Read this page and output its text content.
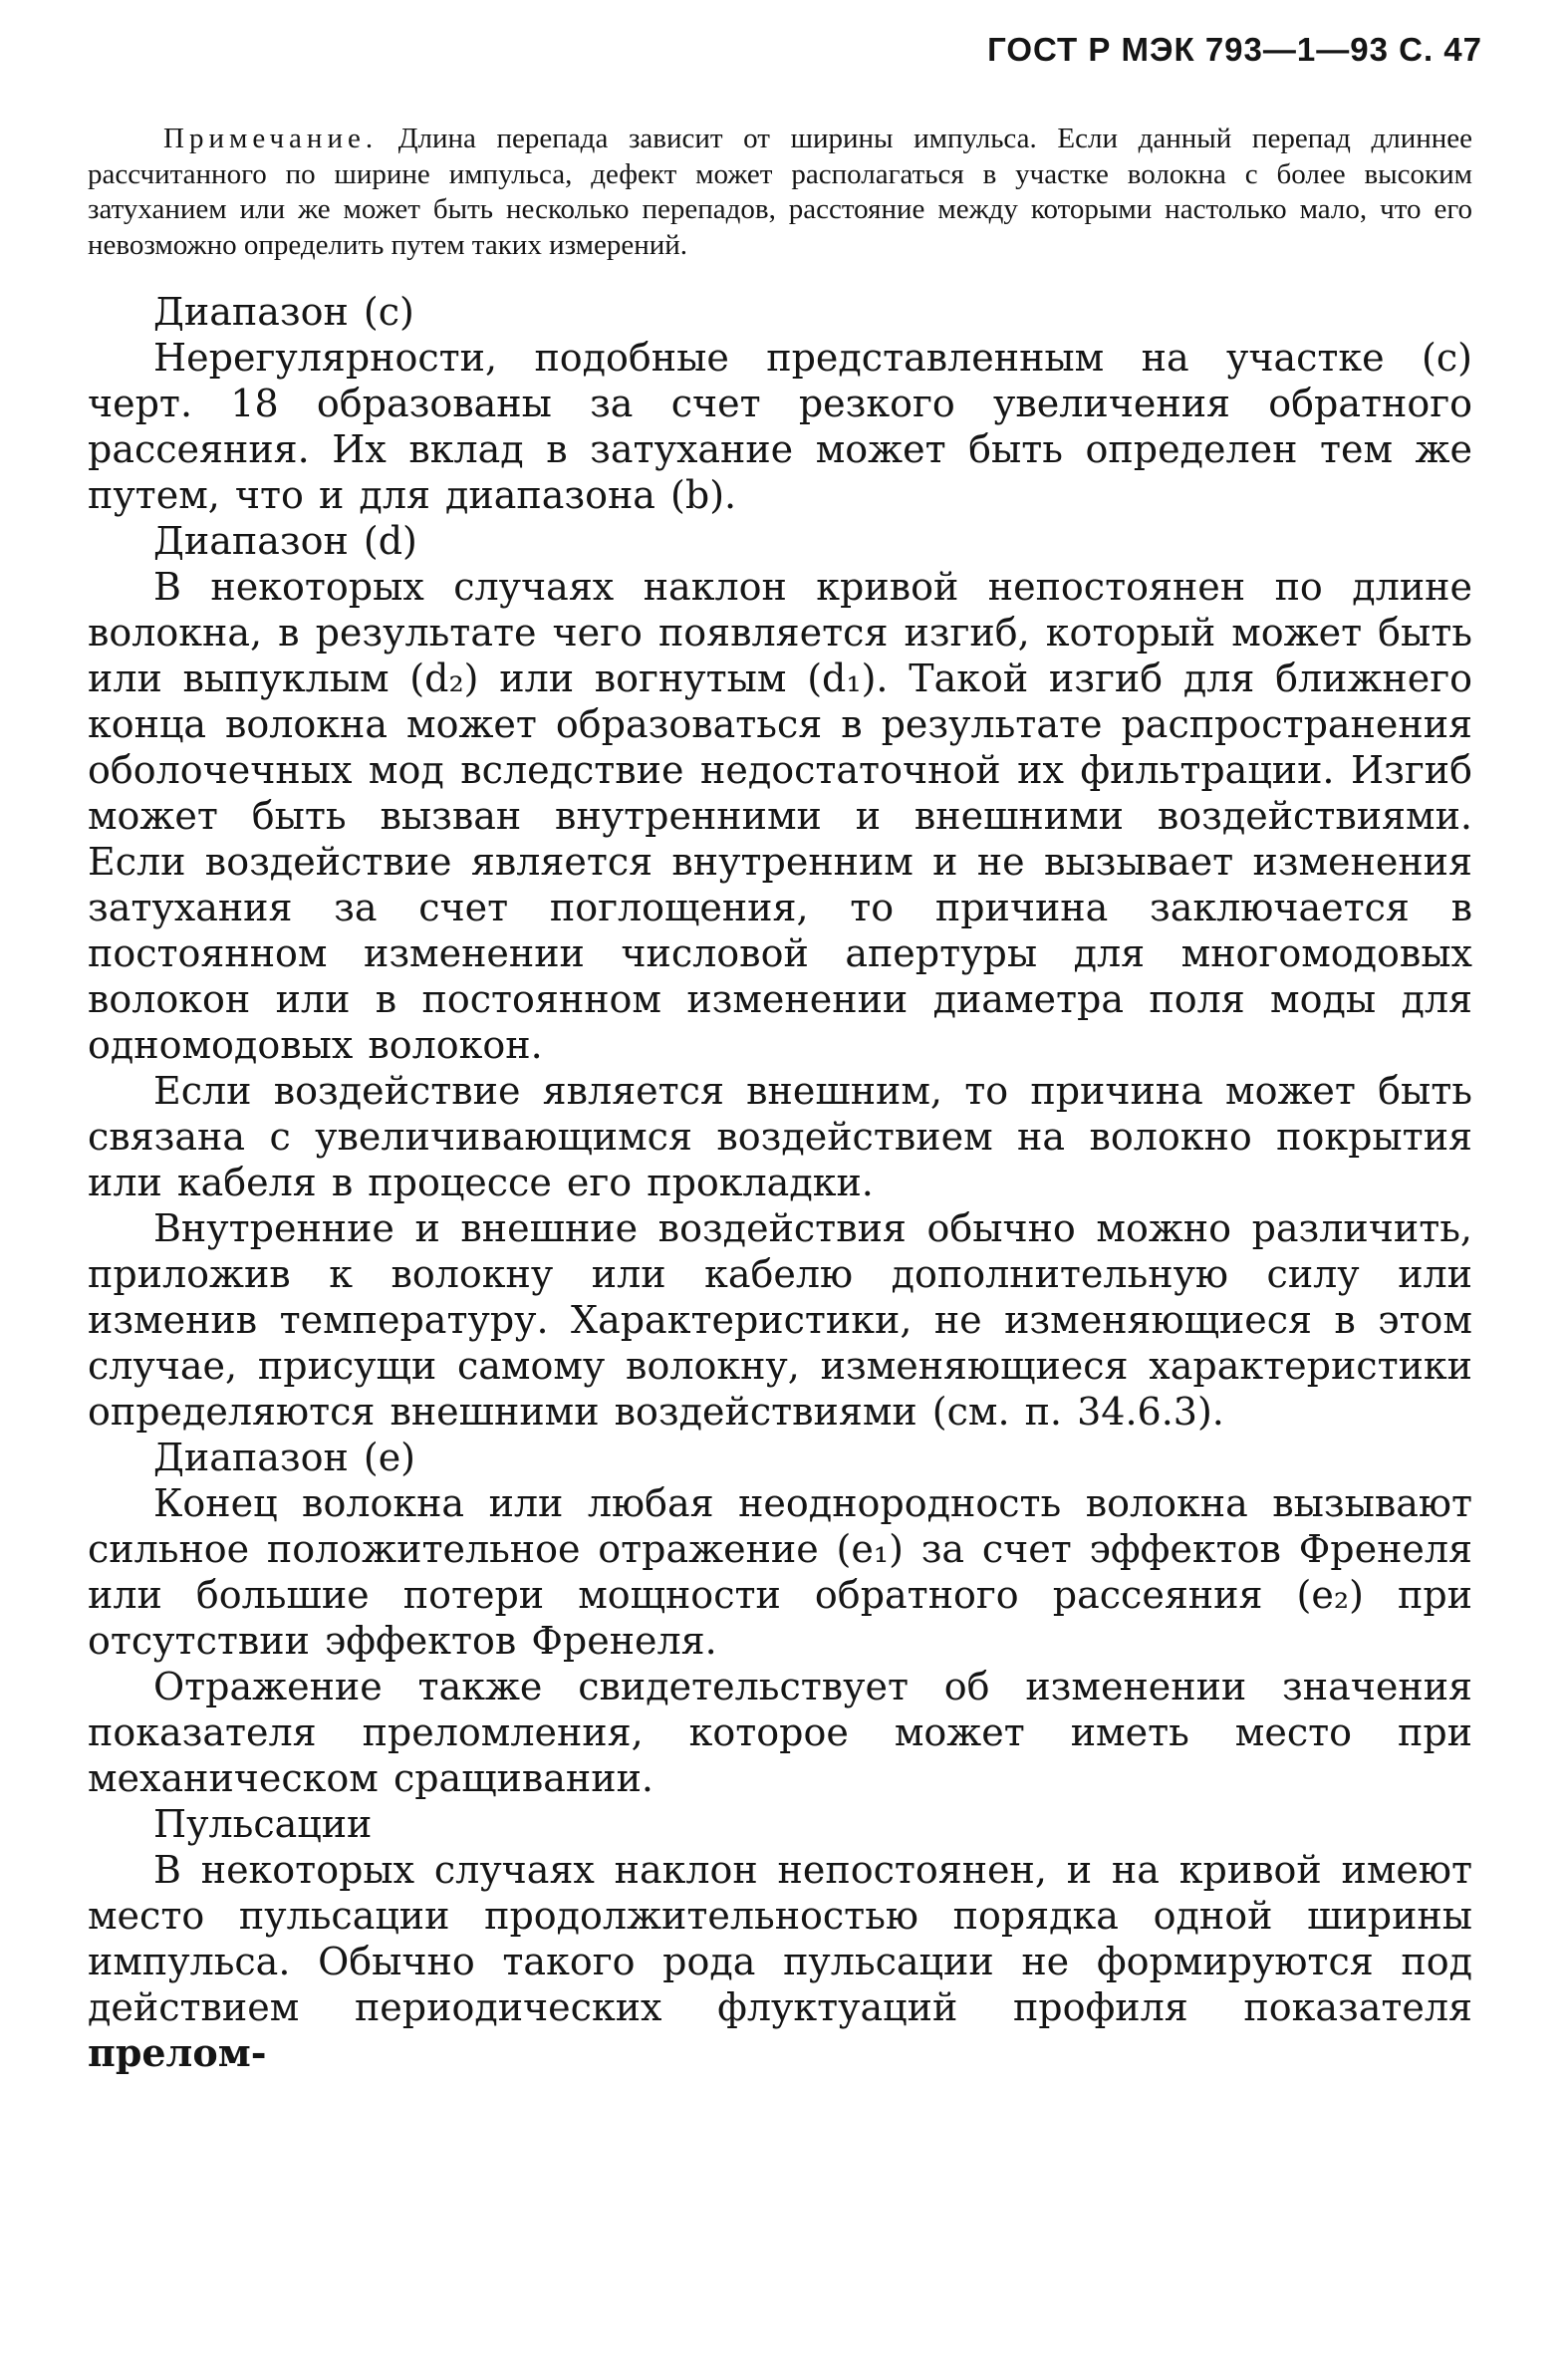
ГОСТ Р МЭК 793—1—93 С. 47
Примечание. Длина перепада зависит от ширины импульса. Если данный перепад длиннее рассчитанного по ширине импульса, дефект может располагаться в участке волокна с более высоким затуханием или же может быть несколько перепадов, расстояние между которыми настолько мало, что его невозможно определить путем таких измерений.

Диапазон (c)

Нерегулярности, подобные представленным на участке (c) черт. 18 образованы за счет резкого увеличения обратного рассеяния. Их вклад в затухание может быть определен тем же путем, что и для диапазона (b).

Диапазон (d)

В некоторых случаях наклон кривой непостоянен по длине волокна, в результате чего появляется изгиб, который может быть или выпуклым (d₂) или вогнутым (d₁). Такой изгиб для ближнего конца волокна может образоваться в результате распространения оболочечных мод вследствие недостаточной их фильтрации. Изгиб может быть вызван внутренними и внешними воздействиями. Если воздействие является внутренним и не вызывает изменения затухания за счет поглощения, то причина заключается в постоянном изменении числовой апертуры для многомодовых волокон или в постоянном изменении диаметра поля моды для одномодовых волокон.

Если воздействие является внешним, то причина может быть связана с увеличивающимся воздействием на волокно покрытия или кабеля в процессе его прокладки.

Внутренние и внешние воздействия обычно можно различить, приложив к волокну или кабелю дополнительную силу или изменив температуру. Характеристики, не изменяющиеся в этом случае, присущи самому волокну, изменяющиеся характеристики определяются внешними воздействиями (см. п. 34.6.3).

Диапазон (e)

Конец волокна или любая неоднородность волокна вызывают сильное положительное отражение (e₁) за счет эффектов Френеля или большие потери мощности обратного рассеяния (e₂) при отсутствии эффектов Френеля.

Отражение также свидетельствует об изменении значения показателя преломления, которое может иметь место при механическом сращивании.

Пульсации

В некоторых случаях наклон непостоянен, и на кривой имеют место пульсации продолжительностью порядка одной ширины импульса. Обычно такого рода пульсации не формируются под действием периодических флуктуаций профиля показателя прелом-
